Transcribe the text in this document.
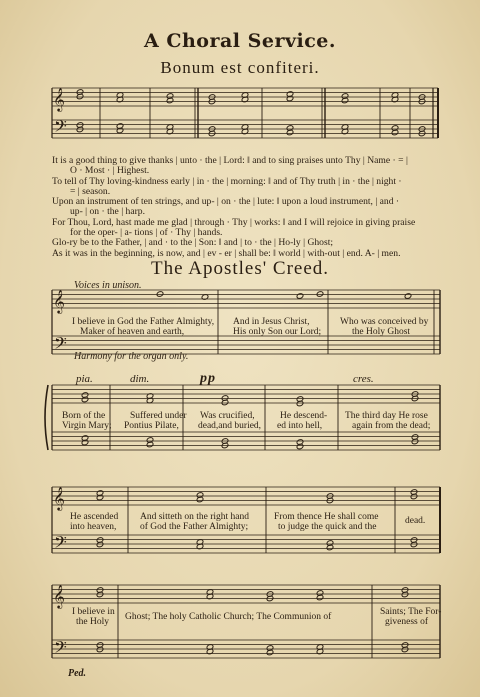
A Choral Service.
Bonum est confiteri.
𝄞
𝄢
𝄞
𝄢
𝄞
𝄢
𝄞
𝄢
It is a good thing to give thanks | unto · the | Lord: ‖ and to sing praises unto Thy | Name · = |
O · Most · | Highest.
To tell of Thy loving-kindness early | in · the | morning: ‖ and of Thy truth | in · the | night ·
= | season.
Upon an instrument of ten strings, and up- | on · the | lute: ‖ upon a loud instrument, | and ·
up- | on · the | harp.
For Thou, Lord, hast made me glad | through · Thy | works: ‖ and I will rejoice in giving praise
for the oper- | a- tions | of · Thy | hands.
Glo-ry be to the Father, | and · to the | Son: ‖ and | to · the | Ho-ly | Ghost;
As it was in the beginning, is now, and | ev - er | shall be: ‖ world | with-out | end. A- | men.
The Apostles' Creed.
Voices in unison.
Harmony for the organ only.
I believe in God the Father Almighty,
Maker of heaven and earth,
And in Jesus Christ,
His only Son our Lord;
Who was conceived by
the Holy Ghost
pia.	dim.	pp	cres.
Born of the
Virgin Mary;
Suffered under
Pontius Pilate,
Was crucified,
dead,and buried,
He descend-
ed into hell,
The third day He rose
again from the dead;
He ascended
into heaven,
And sitteth on the right hand
of God the Father Almighty;
From thence He shall come
to judge the quick and the
dead.
I believe in
the Holy Ghost; The holy Catholic Church; The Communion of	Saints; The For-
giveness of
Ped.
